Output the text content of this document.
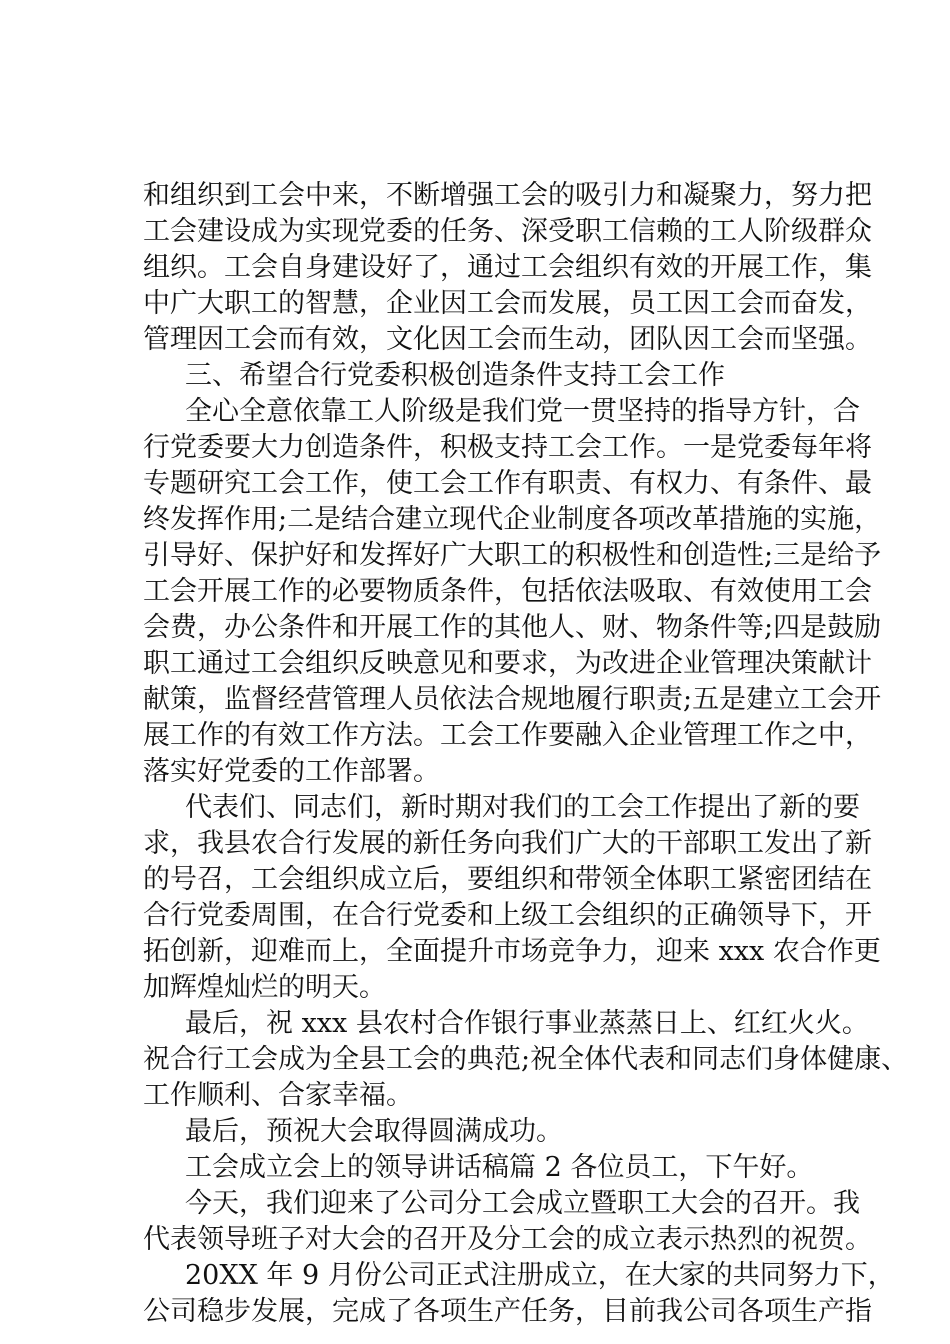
和组织到工会中来，不断增强工会的吸引力和凝聚力，努力把
工会建设成为实现党委的任务、深受职工信赖的工人阶级群众
组织。工会自身建设好了，通过工会组织有效的开展工作，集
中广大职工的智慧，企业因工会而发展，员工因工会而奋发，
管理因工会而有效，文化因工会而生动，团队因工会而坚强。
三、希望合行党委积极创造条件支持工会工作
全心全意依靠工人阶级是我们党一贯坚持的指导方针，合
行党委要大力创造条件，积极支持工会工作。一是党委每年将
专题研究工会工作，使工会工作有职责、有权力、有条件、最
终发挥作用;二是结合建立现代企业制度各项改革措施的实施，
引导好、保护好和发挥好广大职工的积极性和创造性;三是给予
工会开展工作的必要物质条件，包括依法吸取、有效使用工会
会费，办公条件和开展工作的其他人、财、物条件等;四是鼓励
职工通过工会组织反映意见和要求，为改进企业管理决策献计
献策，监督经营管理人员依法合规地履行职责;五是建立工会开
展工作的有效工作方法。工会工作要融入企业管理工作之中，
落实好党委的工作部署。
代表们、同志们，新时期对我们的工会工作提出了新的要
求，我县农合行发展的新任务向我们广大的干部职工发出了新
的号召，工会组织成立后，要组织和带领全体职工紧密团结在
合行党委周围，在合行党委和上级工会组织的正确领导下，开
拓创新，迎难而上，全面提升市场竞争力，迎来 xxx 农合作更
加辉煌灿烂的明天。
最后，祝 xxx 县农村合作银行事业蒸蒸日上、红红火火。
祝合行工会成为全县工会的典范;祝全体代表和同志们身体健康、
工作顺利、合家幸福。
最后，预祝大会取得圆满成功。
工会成立会上的领导讲话稿篇 2 各位员工，下午好。
今天，我们迎来了公司分工会成立暨职工大会的召开。我
代表领导班子对大会的召开及分工会的成立表示热烈的祝贺。
20XX 年 9 月份公司正式注册成立，在大家的共同努力下，
公司稳步发展，完成了各项生产任务，目前我公司各项生产指
